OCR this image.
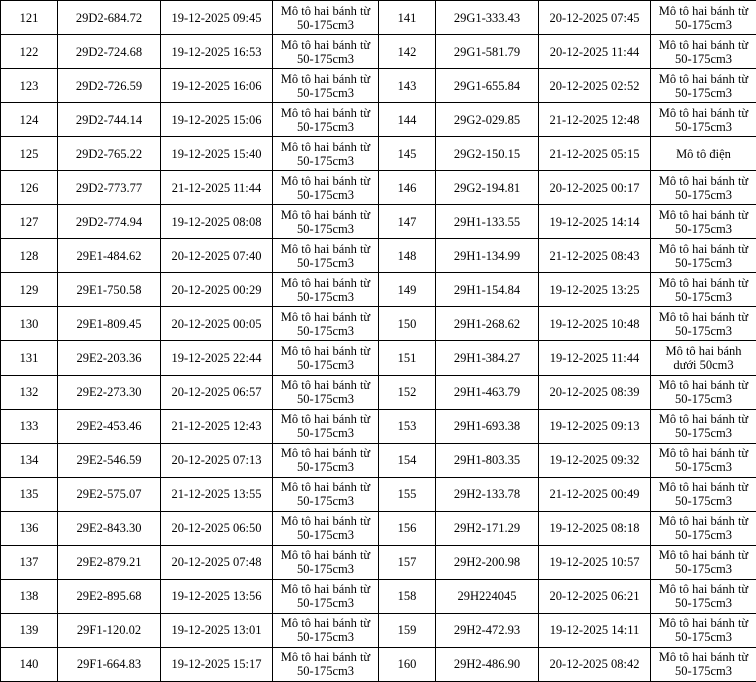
121	29D2-684.72	19-12-2025 09:45	Mô tô hai bánh từ 50-175cm3	141	29G1-333.43	20-12-2025 07:45	Mô tô hai bánh từ 50-175cm3
122	29D2-724.68	19-12-2025 16:53	Mô tô hai bánh từ 50-175cm3	142	29G1-581.79	20-12-2025 11:44	Mô tô hai bánh từ 50-175cm3
123	29D2-726.59	19-12-2025 16:06	Mô tô hai bánh từ 50-175cm3	143	29G1-655.84	20-12-2025 02:52	Mô tô hai bánh từ 50-175cm3
124	29D2-744.14	19-12-2025 15:06	Mô tô hai bánh từ 50-175cm3	144	29G2-029.85	21-12-2025 12:48	Mô tô hai bánh từ 50-175cm3
125	29D2-765.22	19-12-2025 15:40	Mô tô hai bánh từ 50-175cm3	145	29G2-150.15	21-12-2025 05:15	Mô tô điện
126	29D2-773.77	21-12-2025 11:44	Mô tô hai bánh từ 50-175cm3	146	29G2-194.81	20-12-2025 00:17	Mô tô hai bánh từ 50-175cm3
127	29D2-774.94	19-12-2025 08:08	Mô tô hai bánh từ 50-175cm3	147	29H1-133.55	19-12-2025 14:14	Mô tô hai bánh từ 50-175cm3
128	29E1-484.62	20-12-2025 07:40	Mô tô hai bánh từ 50-175cm3	148	29H1-134.99	21-12-2025 08:43	Mô tô hai bánh từ 50-175cm3
129	29E1-750.58	20-12-2025 00:29	Mô tô hai bánh từ 50-175cm3	149	29H1-154.84	19-12-2025 13:25	Mô tô hai bánh từ 50-175cm3
130	29E1-809.45	20-12-2025 00:05	Mô tô hai bánh từ 50-175cm3	150	29H1-268.62	19-12-2025 10:48	Mô tô hai bánh từ 50-175cm3
131	29E2-203.36	19-12-2025 22:44	Mô tô hai bánh từ 50-175cm3	151	29H1-384.27	19-12-2025 11:44	Mô tô hai bánh dưới 50cm3
132	29E2-273.30	20-12-2025 06:57	Mô tô hai bánh từ 50-175cm3	152	29H1-463.79	20-12-2025 08:39	Mô tô hai bánh từ 50-175cm3
133	29E2-453.46	21-12-2025 12:43	Mô tô hai bánh từ 50-175cm3	153	29H1-693.38	19-12-2025 09:13	Mô tô hai bánh từ 50-175cm3
134	29E2-546.59	20-12-2025 07:13	Mô tô hai bánh từ 50-175cm3	154	29H1-803.35	19-12-2025 09:32	Mô tô hai bánh từ 50-175cm3
135	29E2-575.07	21-12-2025 13:55	Mô tô hai bánh từ 50-175cm3	155	29H2-133.78	21-12-2025 00:49	Mô tô hai bánh từ 50-175cm3
136	29E2-843.30	20-12-2025 06:50	Mô tô hai bánh từ 50-175cm3	156	29H2-171.29	19-12-2025 08:18	Mô tô hai bánh từ 50-175cm3
137	29E2-879.21	20-12-2025 07:48	Mô tô hai bánh từ 50-175cm3	157	29H2-200.98	19-12-2025 10:57	Mô tô hai bánh từ 50-175cm3
138	29E2-895.68	19-12-2025 13:56	Mô tô hai bánh từ 50-175cm3	158	29H224045	20-12-2025 06:21	Mô tô hai bánh từ 50-175cm3
139	29F1-120.02	19-12-2025 13:01	Mô tô hai bánh từ 50-175cm3	159	29H2-472.93	19-12-2025 14:11	Mô tô hai bánh từ 50-175cm3
140	29F1-664.83	19-12-2025 15:17	Mô tô hai bánh từ 50-175cm3	160	29H2-486.90	20-12-2025 08:42	Mô tô hai bánh từ 50-175cm3
